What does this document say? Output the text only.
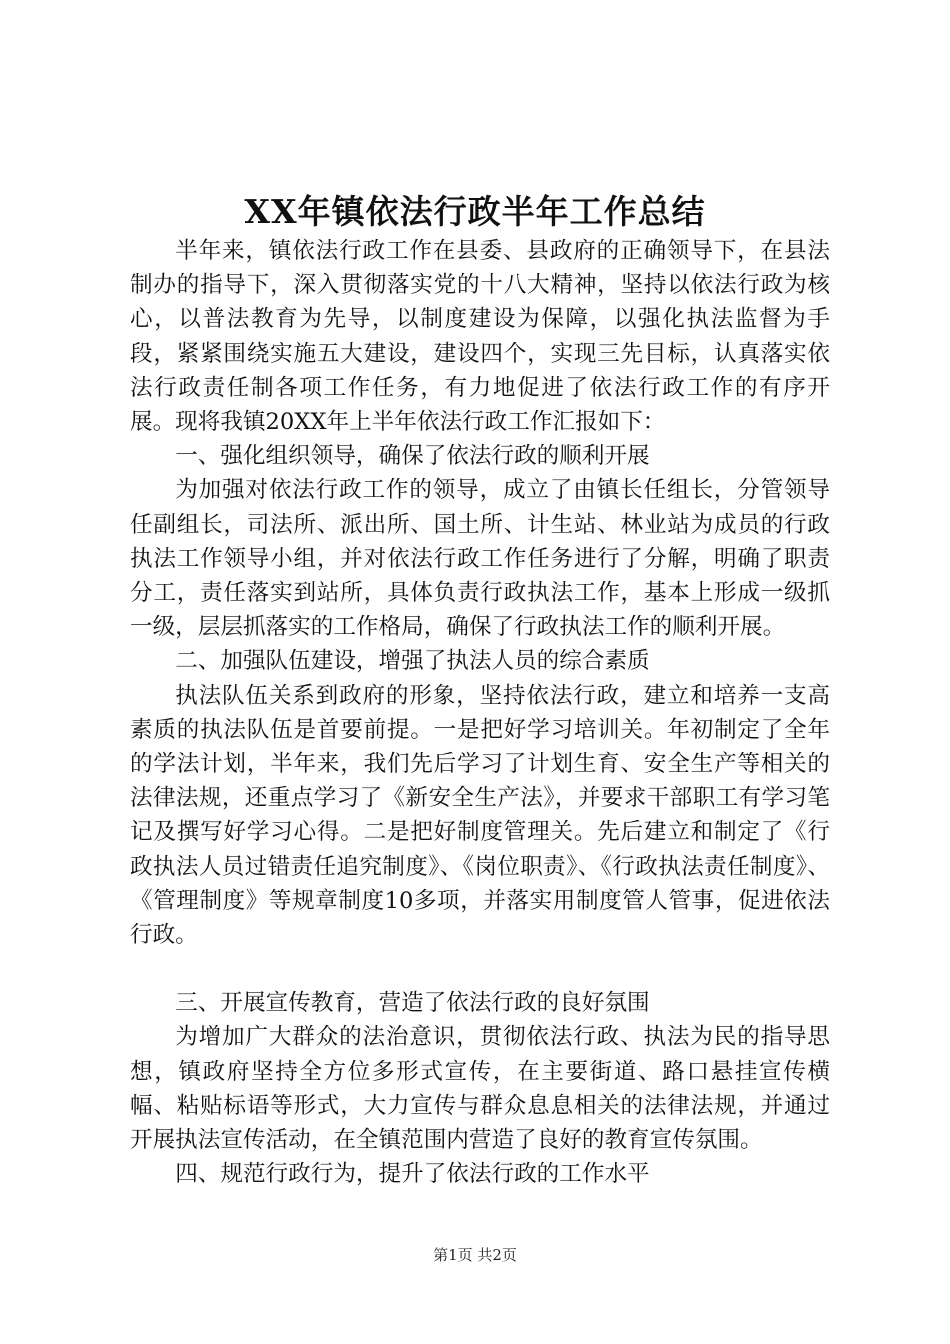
XX年镇依法行政半年工作总结

半年来，镇依法行政工作在县委、县政府的正确领导下，在县法制办的指导下，深入贯彻落实党的十八大精神，坚持以依法行政为核心，以普法教育为先导，以制度建设为保障，以强化执法监督为手段，紧紧围绕实施五大建设，建设四个，实现三先目标，认真落实依法行政责任制各项工作任务，有力地促进了依法行政工作的有序开展。现将我镇20XX年上半年依法行政工作汇报如下：

一、强化组织领导，确保了依法行政的顺利开展

为加强对依法行政工作的领导，成立了由镇长任组长，分管领导任副组长，司法所、派出所、国土所、计生站、林业站为成员的行政执法工作领导小组，并对依法行政工作任务进行了分解，明确了职责分工，责任落实到站所，具体负责行政执法工作，基本上形成一级抓一级，层层抓落实的工作格局，确保了行政执法工作的顺利开展。

二、加强队伍建设，增强了执法人员的综合素质

执法队伍关系到政府的形象，坚持依法行政，建立和培养一支高素质的执法队伍是首要前提。一是把好学习培训关。年初制定了全年的学法计划，半年来，我们先后学习了计划生育、安全生产等相关的法律法规，还重点学习了《新安全生产法》，并要求干部职工有学习笔记及撰写好学习心得。二是把好制度管理关。先后建立和制定了《行政执法人员过错责任追究制度》、《岗位职责》、《行政执法责任制度》、《管理制度》等规章制度10多项，并落实用制度管人管事，促进依法行政。

三、开展宣传教育，营造了依法行政的良好氛围

为增加广大群众的法治意识，贯彻依法行政、执法为民的指导思想，镇政府坚持全方位多形式宣传，在主要街道、路口悬挂宣传横幅、粘贴标语等形式，大力宣传与群众息息相关的法律法规，并通过开展执法宣传活动，在全镇范围内营造了良好的教育宣传氛围。

四、规范行政行为，提升了依法行政的工作水平

第1页 共2页
